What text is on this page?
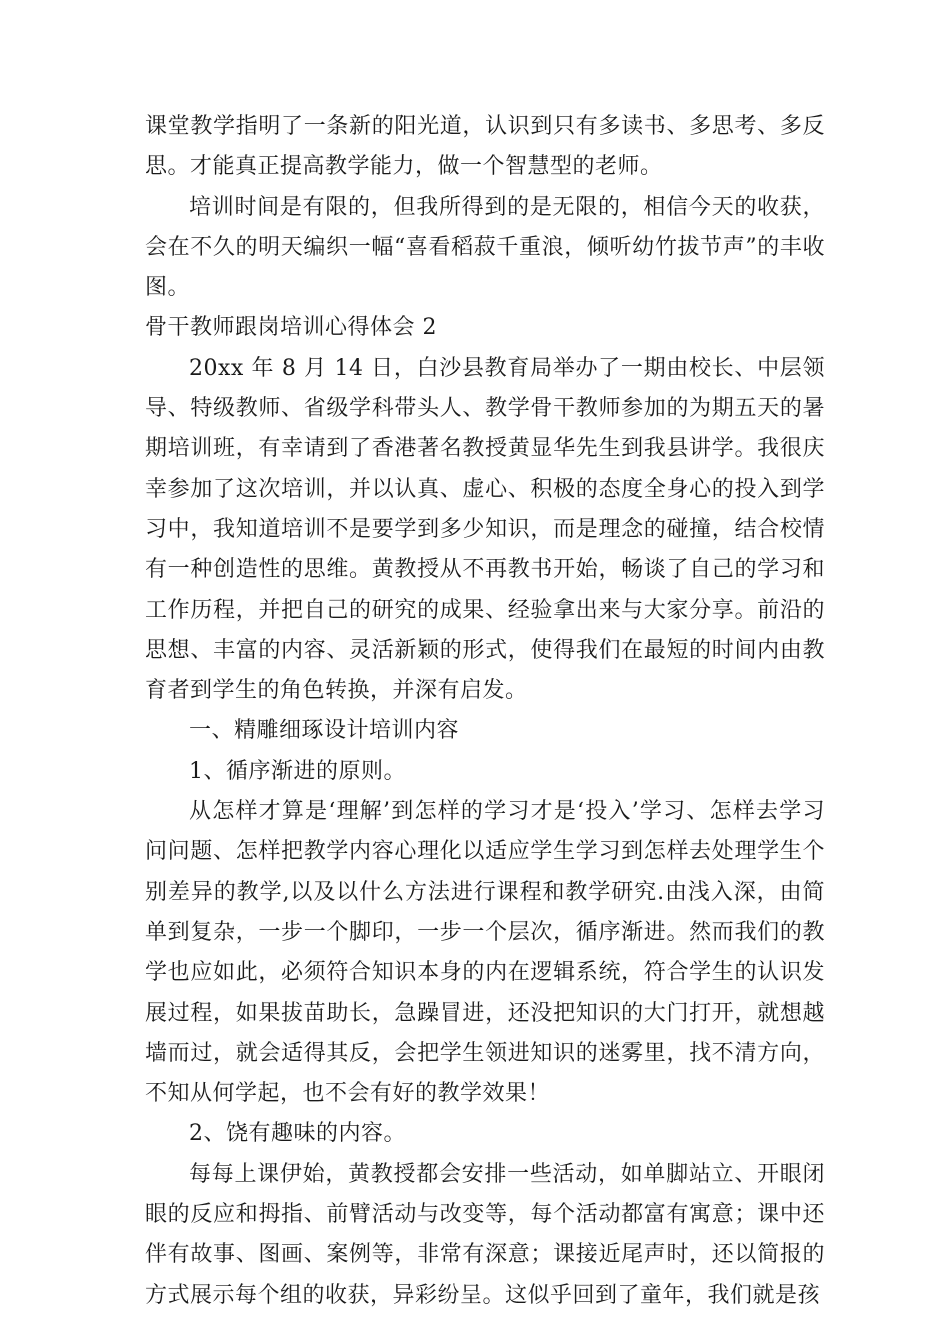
课堂教学指明了一条新的阳光道，认识到只有多读书、多思考、多反思。才能真正提高教学能力，做一个智慧型的老师。

培训时间是有限的，但我所得到的是无限的，相信今天的收获，会在不久的明天编织一幅“喜看稻菽千重浪，倾听幼竹拔节声”的丰收图。

骨干教师跟岗培训心得体会 2

20xx 年 8 月 14 日，白沙县教育局举办了一期由校长、中层领导、特级教师、省级学科带头人、教学骨干教师参加的为期五天的暑期培训班，有幸请到了香港著名教授黄显华先生到我县讲学。我很庆幸参加了这次培训，并以认真、虚心、积极的态度全身心的投入到学习中，我知道培训不是要学到多少知识，而是理念的碰撞，结合校情有一种创造性的思维。黄教授从不再教书开始，畅谈了自己的学习和工作历程，并把自己的研究的成果、经验拿出来与大家分享。前沿的思想、丰富的内容、灵活新颖的形式，使得我们在最短的时间内由教育者到学生的角色转换，并深有启发。

一、精雕细琢设计培训内容

1、循序渐进的原则。

从怎样才算是‘理解’到怎样的学习才是‘投入’学习、怎样去学习问问题、怎样把教学内容心理化以适应学生学习到怎样去处理学生个别差异的教学,以及以什么方法进行课程和教学研究.由浅入深，由简单到复杂，一步一个脚印，一步一个层次，循序渐进。然而我们的教学也应如此，必须符合知识本身的内在逻辑系统，符合学生的认识发展过程，如果拔苗助长，急躁冒进，还没把知识的大门打开，就想越墙而过，就会适得其反，会把学生领进知识的迷雾里，找不清方向，不知从何学起，也不会有好的教学效果！

2、饶有趣味的内容。

每每上课伊始，黄教授都会安排一些活动，如单脚站立、开眼闭眼的反应和拇指、前臂活动与改变等，每个活动都富有寓意；课中还伴有故事、图画、案例等，非常有深意；课接近尾声时，还以简报的方式展示每个组的收获，异彩纷呈。这似乎回到了童年，我们就是孩
